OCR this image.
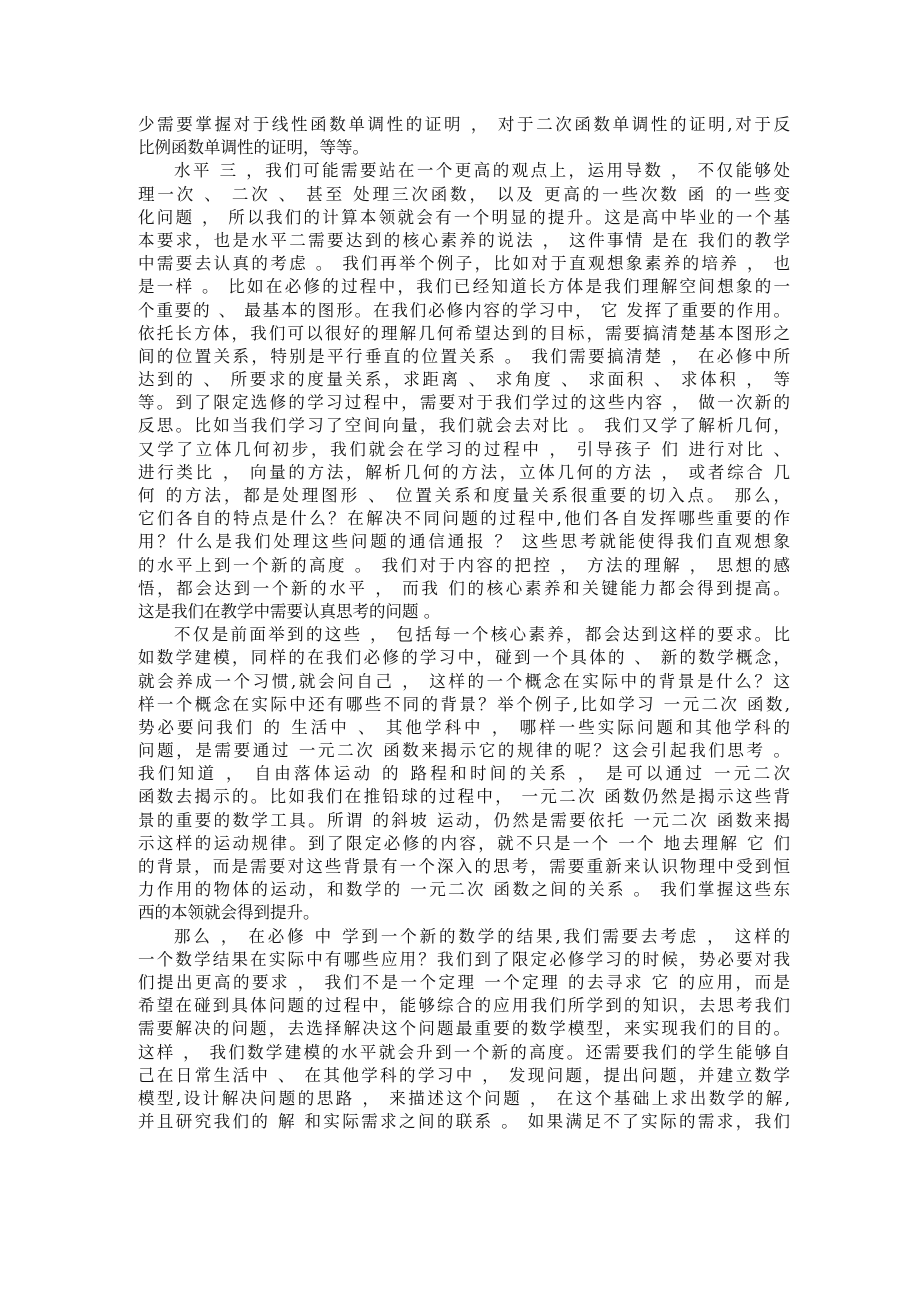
少需要掌握对于线性函数单调性的证明 ， 对于二次函数单调性的证明,对于反
比例函数单调性的证明，等等。
水平 三 ，我们可能需要站在一个更高的观点上，运用导数 ， 不仅能够处
理一次 、 二次 、 甚至 处理三次函数， 以及 更高的一些次数 函 的一些变
化问题 ， 所以我们的计算本领就会有一个明显的提升。这是高中毕业的一个基
本要求，也是水平二需要达到的核心素养的说法 ， 这件事情 是在 我们的教学
中需要去认真的考虑 。 我们再举个例子，比如对于直观想象素养的培养 ， 也
是一样 。 比如在必修的过程中，我们已经知道长方体是我们理解空间想象的一
个重要的 、 最基本的图形。在我们必修内容的学习中， 它 发挥了重要的作用。
依托长方体，我们可以很好的理解几何希望达到的目标，需要搞清楚基本图形之
间的位置关系，特别是平行垂直的位置关系 。 我们需要搞清楚 ， 在必修中所
达到的 、 所要求的度量关系，求距离 、 求角度 、 求面积 、 求体积 ， 等
等。到了限定选修的学习过程中，需要对于我们学过的这些内容 ， 做一次新的
反思。比如当我们学习了空间向量，我们就会去对比 。 我们又学了解析几何，
又学了立体几何初步，我们就会在学习的过程中 ， 引导孩子 们 进行对比 、
进行类比 ， 向量的方法，解析几何的方法，立体几何的方法 ， 或者综合 几
何 的方法，都是处理图形 、 位置关系和度量关系很重要的切入点。 那么，
它们各自的特点是什么？在解决不同问题的过程中,他们各自发挥哪些重要的作
用？什么是我们处理这些问题的通信通报 ？ 这些思考就能使得我们直观想象
的水平上到一个新的高度 。 我们对于内容的把控 ， 方法的理解 ， 思想的感
悟，都会达到一个新的水平 ， 而我 们的核心素养和关键能力都会得到提高。
这是我们在教学中需要认真思考的问题 。
不仅是前面举到的这些 ， 包括每一个核心素养，都会达到这样的要求。比
如数学建模，同样的在我们必修的学习中，碰到一个具体的 、 新的数学概念，
就会养成一个习惯,就会问自己 ， 这样的一个概念在实际中的背景是什么？这
样一个概念在实际中还有哪些不同的背景？举个例子,比如学习 一元二次 函数,
势必要问我们 的 生活中 、 其他学科中 ， 哪样一些实际问题和其他学科的
问题，是需要通过 一元二次 函数来揭示它的规律的呢？这会引起我们思考 。
我们知道 ， 自由落体运动 的 路程和时间的关系 ， 是可以通过 一元二次
函数去揭示的。比如我们在推铅球的过程中， 一元二次 函数仍然是揭示这些背
景的重要的数学工具。所谓 的斜坡 运动，仍然是需要依托 一元二次 函数来揭
示这样的运动规律。到了限定必修的内容，就不只是一个 一个 地去理解 它 们
的背景，而是需要对这些背景有一个深入的思考，需要重新来认识物理中受到恒
力作用的物体的运动，和数学的 一元二次 函数之间的关系 。 我们掌握这些东
西的本领就会得到提升。
那么 ， 在必修 中 学到一个新的数学的结果,我们需要去考虑 ， 这样的
一个数学结果在实际中有哪些应用？我们到了限定必修学习的时候，势必要对我
们提出更高的要求 ， 我们不是一个定理 一个定理 的去寻求 它 的应用，而是
希望在碰到具体问题的过程中，能够综合的应用我们所学到的知识，去思考我们
需要解决的问题，去选择解决这个问题最重要的数学模型，来实现我们的目的。
这样 ， 我们数学建模的水平就会升到一个新的高度。还需要我们的学生能够自
己在日常生活中 、 在其他学科的学习中 ， 发现问题，提出问题，并建立数学
模型,设计解决问题的思路 ， 来描述这个问题 ， 在这个基础上求出数学的解,
并且研究我们的 解 和实际需求之间的联系 。 如果满足不了实际的需求，我们
